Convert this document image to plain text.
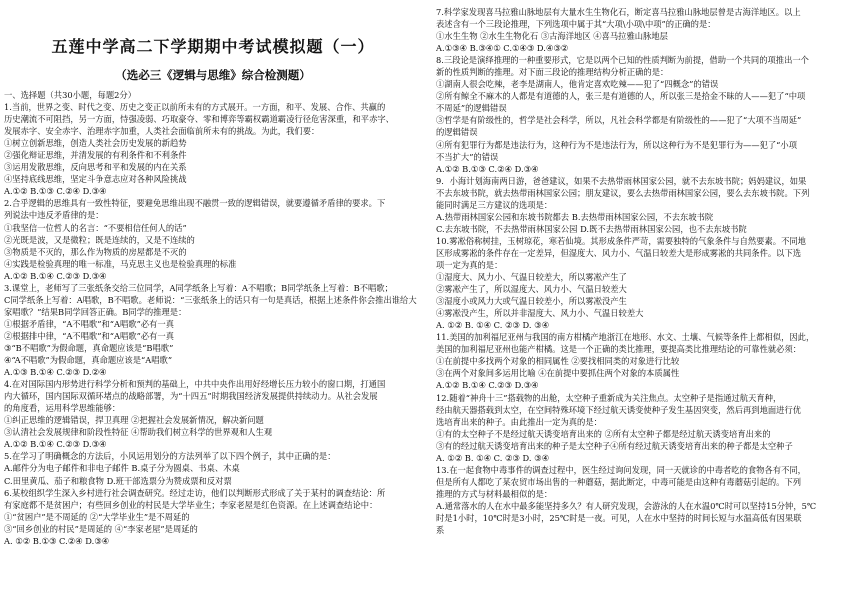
五莲中学高二下学期期中考试模拟题（一）
（选必三《逻辑与思维》综合检测题）
一、选择题（共30小题，每题2分）
1.当前，世界之变、时代之变、历史之变正以前所未有的方式展开。一方面，和平、发展、合作、共赢的
历史潮流不可阻挡，另一方面，恃强凌弱、巧取豪夺、零和博弈等霸权霸道霸凌行径危害深重，和平赤字、
发展赤字、安全赤字、治理赤字加重，人类社会面临前所未有的挑战。为此，我们要：
①树立创新思维，创造人类社会历史发展的新趋势
②强化辩证思维，并清发展的有利条件和不利条件
③运用发散思维，反向思考和平和发展的内在关系
④坚持底线思维，坚定斗争意志应对各种风险挑战
A.①② B.①③ C.②④ D.③④
2.合乎逻辑的思维具有一致性特征，要避免思维出现不融贯一致的逻辑错误，就要遵循矛盾律的要求。下
列说法中违反矛盾律的是：
①我坚信一位哲人的名言：“不要相信任何人的话”
②光既是波，又是微粒；既是连续的，又是不连续的
③物质是不灭的，那么作为物质的房屋都是不灭的
④实践是检验真理的唯一标准，马克思主义也是检验真理的标准
A.①② B.①④ C.②③ D.③④
3.课堂上，老师写了三张纸条交给三位同学，A同学纸条上写着：A不唱歌；B同学纸条上写着：B不唱歌；
C同学纸条上写着：A唱歌，B不唱歌。老师说：“三张纸条上的话只有一句是真话，根据上述条件你会推出谁给大
家唱歌？”结果B同学回答正确。B同学的推理是：
①根据矛盾律，“A不唱歌”和“A唱歌”必有一真
②根据排中律，“A不唱歌”和“A唱歌”必有一真
③“B不唱歌”为假命题，真命题应该是“B唱歌”
④“A不唱歌”为假命题，真命题应该是“A唱歌”
A.①③ B.①④ C.②③ D.②④
4.在对国际国内形势进行科学分析和预判的基础上，中共中央作出用好经增长压力较小的窗口期，打通国
内大循环，国内国际双循环堵点的战略部署，为“十四五”时期我国经济发展提供持续动力。从社会发展
的角度看，运用科学思维能够：
①纠正思维的逻辑错误，捍卫真理 ②把握社会发展新情况，解决新问题
③认清社会发展规律和阶段性特征 ④帮助我们树立科学的世界观和人生观
A.①② B.①④ C.②③ D.③④
5.在学习了明确概念的方法后，小风运用划分的方法列举了以下四个例子，其中正确的是：
A.邮件分为电子邮件和非电子邮件 B.桌子分为圆桌、书桌、木桌
C.田里黄瓜、茄子和粮食物 D.班干部选票分为赞成票和反对票
6.某校组织学生深入乡村进行社会调查研究。经过走访，他们以判断形式形成了关于某村的调查结论：所
有家庭都不是贫困户；有些回乡创业的村民是大学毕业生；李家老屋是红色资源。在上述调查结论中：
①“贫困户”是不周延的 ②“大学毕业生”是不周延的
③“回乡创业的村民”是周延的 ④“李家老屋”是周延的
A. ①② B.①③ C.②④ D.③④
7.科学家发现喜马拉雅山脉地层有大量水生生物化石，断定喜马拉雅山脉地层曾是古海洋地区。以上
表述含有一个三段论推理，下列选项中属于其“大项\小项\中项”的正确的是：
①水生生物 ②水生生物化石 ③古海洋地区 ④喜马拉雅山脉地层
A.①③④ B.③④① C.①④③ D.④③②
8.三段论是演绎推理的一种重要形式，它是以两个已知的性质判断为前提，借助一个共同的项推出一个
新的性质判断的推理。对下面三段论的推理结构分析正确的是：
①湖南人很会吃辣，老李是湖南人，他肯定喜欢吃辣——犯了“四概念”的错误
②所有鲸全不麻木的人都是有道德的人，张三是有道德的人，所以张三是拾金不昧的人——犯了“中项
不周延”的逻辑错误
③哲学是有阶级性的，哲学是社会科学，所以，凡社会科学都是有阶级性的——犯了“大项不当周延”
的逻辑错误
④所有犯罪行为都是违法行为，这种行为不是违法行为，所以这种行为不是犯罪行为——犯了“小项
不当扩大”的错误
A.①② B.①③ C.②④ D.③④
9．小海计划海南两日游，爸爸建议，如果不去热带雨林国家公园，就不去东坡书院；妈妈建议，如果
不去东坡书院，就去热带雨林国家公园；朋友建议，要么去热带雨林国家公园，要么去东坡书院。下列
能同时满足三方建议的选项是：
A.热带雨林国家公园和东坡书院都去 B.去热带雨林国家公园，不去东坡书院
C.去东坡书院，不去热带雨林国家公园 D.既不去热带雨林国家公园，也不去东坡书院
10.雾凇俗称树挂，玉树琼花，寒若仙境。其形成条件严苛，需要独特的气象条件与自然要素。不同地
区形成雾凇的条件存在一定差异，但湿度大、风力小、气温日较差大是形成雾凇的共同条件。以下选
项一定为真的是：
①湿度大、风力小、气温日较差大，所以雾凇产生了
②雾凇产生了，所以湿度大、风力小、气温日较差大
③湿度小或风力大或气温日较差小，所以雾凇没产生
④雾凇没产生，所以并非湿度大、风力小、气温日较差大
A. ①② B. ①④ C. ②③ D. ③④
11.美国的加利福尼亚州与我国的南方柑橘产地浙江在地形、水文、土壤、气候等条件上都相似，因此，
美国的加利福尼亚州也能产柑橘。这是一个正确的类比推理，要提高类比推理结论的可靠性就必须：
①在前提中多找两个对象的相同属性 ②要找相同类的对象进行比较
③在两个对象间多运用比喻 ④在前提中要抓住两个对象的本质属性
A.①② B.①④ C.②③ D.③④
12.随着“神舟十三”搭载物的出舱，太空种子重新成为关注焦点。太空种子是指通过航天育种，
经由航天器搭载到太空，在空间特殊环境下经过航天诱变使种子发生基因突变，然后再到地面进行优
选培育出来的种子。由此推出一定为真的是：
①有的太空种子不是经过航天诱变培育出来的 ②所有太空种子都是经过航天诱变培育出来的
③有的经过航天诱变培育出来的种子是太空种子④所有经过航天诱变培育出来的种子都是太空种子
A. ①② B. ①④ C. ②③ D. ③④
13.在一起食物中毒事件的调查过程中，医生经过询问发现，同一天就诊的中毒者吃的食物各有不同，
但是所有人都吃了某农贸市场出售的一种蘑菇，据此断定，中毒可能是由这种有毒蘑菇引起的。下列
推理的方式与材料最相似的是：
A.通常落水的人在水中最多能坚持多久？有人研究发现，会游泳的人在水温0℃时可以坚持15分钟，5℃
时是1小时，10℃时是3小时，25℃时是一夜。可见，人在水中坚持的时间长短与水温高低有因果联
系
